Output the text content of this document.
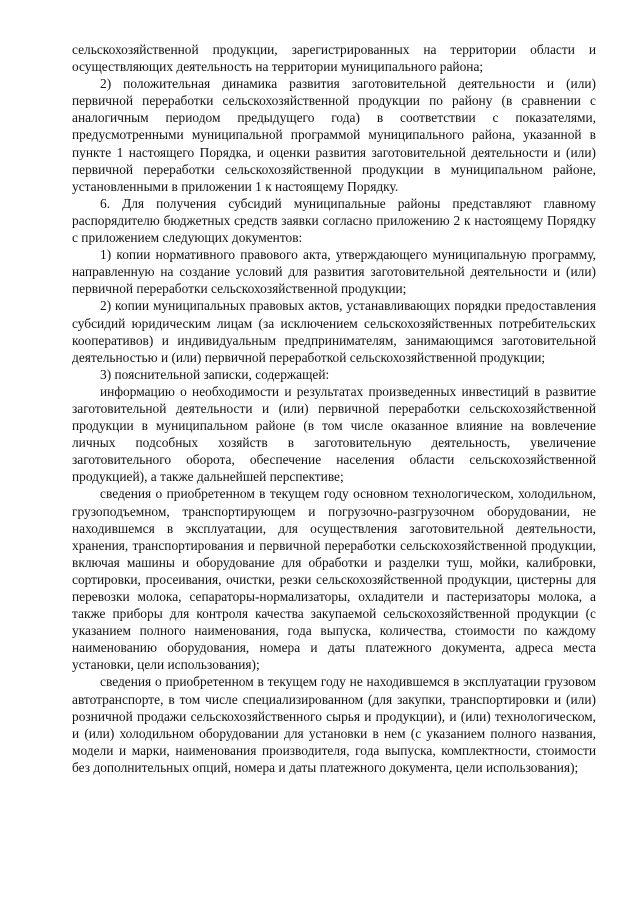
сельскохозяйственной продукции, зарегистрированных на территории области и осуществляющих деятельность на территории муниципального района;

2) положительная динамика развития заготовительной деятельности и (или) первичной переработки сельскохозяйственной продукции по району (в сравнении с аналогичным периодом предыдущего года) в соответствии с показателями, предусмотренными муниципальной программой муниципального района, указанной в пункте 1 настоящего Порядка, и оценки развития заготовительной деятельности и (или) первичной переработки сельскохозяйственной продукции в муниципальном районе, установленными в приложении 1 к настоящему Порядку.

6. Для получения субсидий муниципальные районы представляют главному распорядителю бюджетных средств заявки согласно приложению 2 к настоящему Порядку с приложением следующих документов:

1) копии нормативного правового акта, утверждающего муниципальную программу, направленную на создание условий для развития заготовительной деятельности и (или) первичной переработки сельскохозяйственной продукции;

2) копии муниципальных правовых актов, устанавливающих порядки предоставления субсидий юридическим лицам (за исключением сельскохозяйственных потребительских кооперативов) и индивидуальным предпринимателям, занимающимся заготовительной деятельностью и (или) первичной переработкой сельскохозяйственной продукции;

3) пояснительной записки, содержащей:

информацию о необходимости и результатах произведенных инвестиций в развитие заготовительной деятельности и (или) первичной переработки сельскохозяйственной продукции в муниципальном районе (в том числе оказанное влияние на вовлечение личных подсобных хозяйств в заготовительную деятельность, увеличение заготовительного оборота, обеспечение населения области сельскохозяйственной продукцией), а также дальнейшей перспективе;

сведения о приобретенном в текущем году основном технологическом, холодильном, грузоподъемном, транспортирующем и погрузочно-разгрузочном оборудовании, не находившемся в эксплуатации, для осуществления заготовительной деятельности, хранения, транспортирования и первичной переработки сельскохозяйственной продукции, включая машины и оборудование для обработки и разделки туш, мойки, калибровки, сортировки, просеивания, очистки, резки сельскохозяйственной продукции, цистерны для перевозки молока, сепараторы-нормализаторы, охладители и пастеризаторы молока, а также приборы для контроля качества закупаемой сельскохозяйственной продукции (с указанием полного наименования, года выпуска, количества, стоимости по каждому наименованию оборудования, номера и даты платежного документа, адреса места установки, цели использования);

сведения о приобретенном в текущем году не находившемся в эксплуатации грузовом автотранспорте, в том числе специализированном (для закупки, транспортировки и (или) розничной продажи сельскохозяйственного сырья и продукции), и (или) технологическом, и (или) холодильном оборудовании для установки в нем (с указанием полного названия, модели и марки, наименования производителя, года выпуска, комплектности, стоимости без дополнительных опций, номера и даты платежного документа, цели использования);
